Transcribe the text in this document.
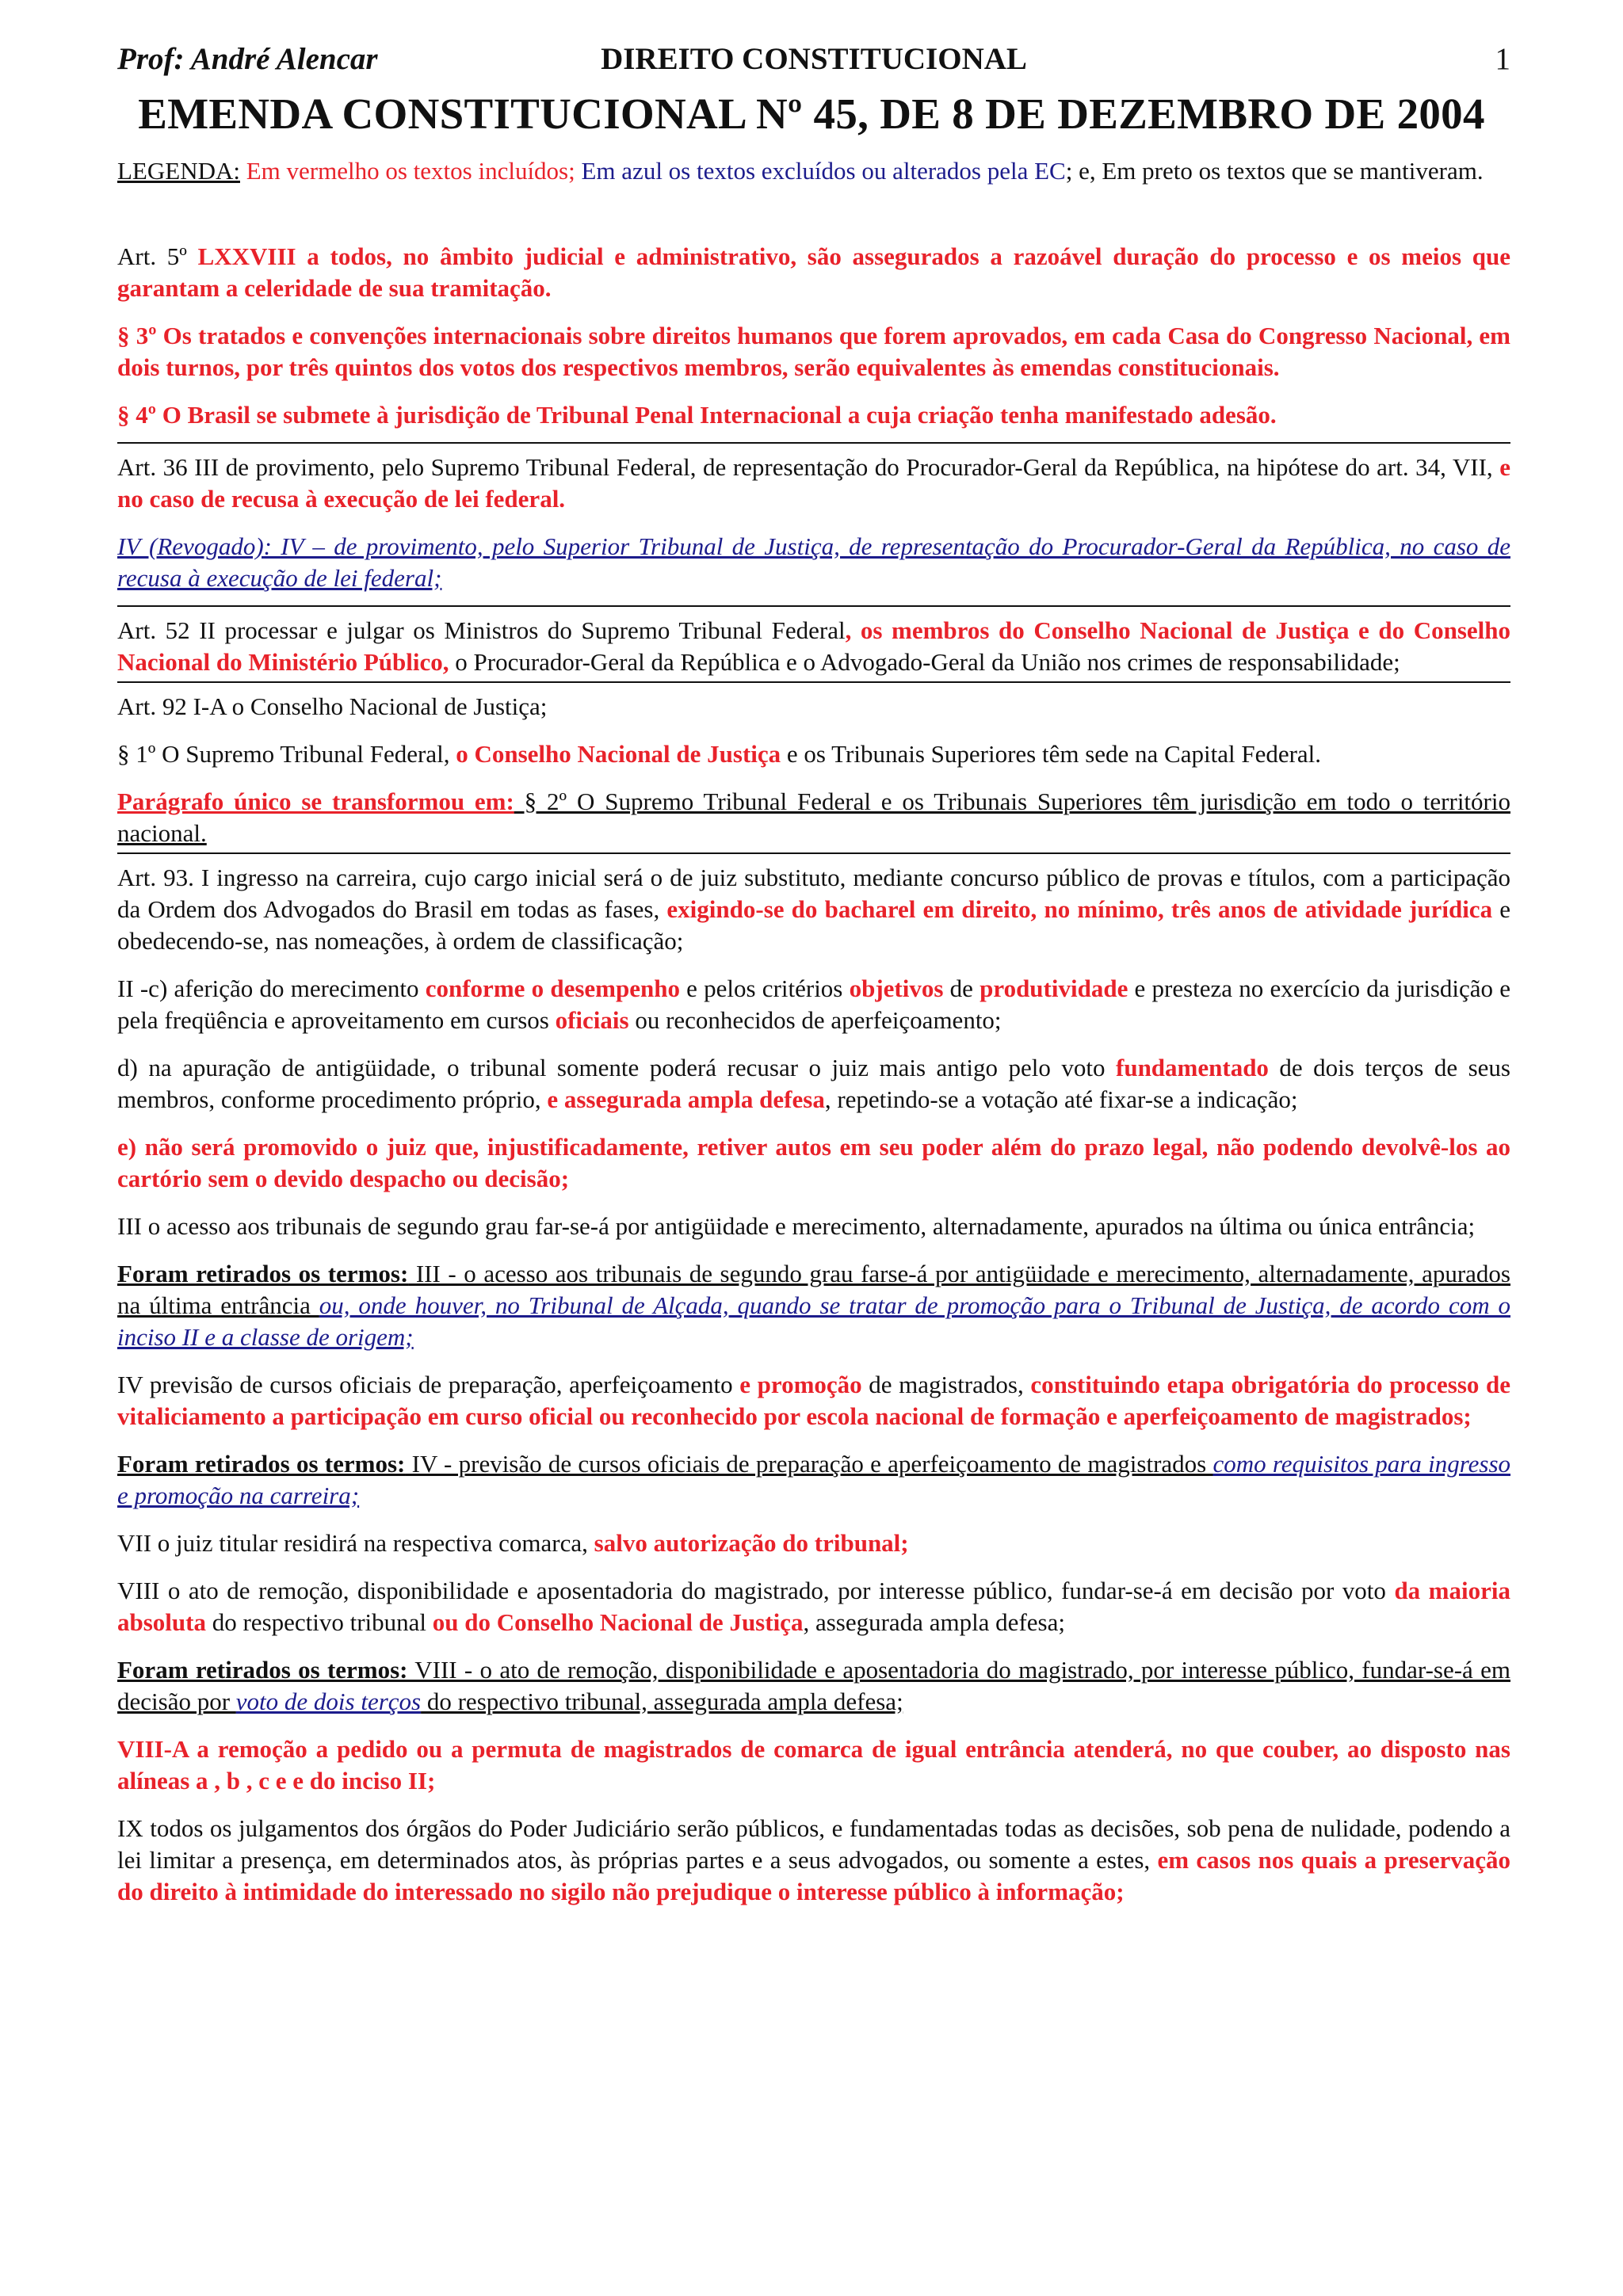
Prof: André Alencar	DIREITO CONSTITUCIONAL	1
EMENDA CONSTITUCIONAL Nº 45, DE 8 DE DEZEMBRO DE 2004

LEGENDA: Em vermelho os textos incluídos; Em azul os textos excluídos ou alterados pela EC; e, Em preto os textos que se mantiveram.

Art. 5º LXXVIII a todos, no âmbito judicial e administrativo, são assegurados a razoável duração do processo e os meios que garantam a celeridade de sua tramitação.

§ 3º Os tratados e convenções internacionais sobre direitos humanos que forem aprovados, em cada Casa do Congresso Nacional, em dois turnos, por três quintos dos votos dos respectivos membros, serão equivalentes às emendas constitucionais.

§ 4º O Brasil se submete à jurisdição de Tribunal Penal Internacional a cuja criação tenha manifestado adesão.

Art. 36 III de provimento, pelo Supremo Tribunal Federal, de representação do Procurador-Geral da República, na hipótese do art. 34, VII, e no caso de recusa à execução de lei federal.

IV (Revogado): IV – de provimento, pelo Superior Tribunal de Justiça, de representação do Procurador-Geral da República, no caso de recusa à execução de lei federal;

Art. 52 II processar e julgar os Ministros do Supremo Tribunal Federal, os membros do Conselho Nacional de Justiça e do Conselho Nacional do Ministério Público, o Procurador-Geral da República e o Advogado-Geral da União nos crimes de responsabilidade;

Art. 92 I-A o Conselho Nacional de Justiça;

§ 1º O Supremo Tribunal Federal, o Conselho Nacional de Justiça e os Tribunais Superiores têm sede na Capital Federal.

Parágrafo único se transformou em: § 2º O Supremo Tribunal Federal e os Tribunais Superiores têm jurisdição em todo o território nacional.

Art. 93. I ingresso na carreira, cujo cargo inicial será o de juiz substituto, mediante concurso público de provas e títulos, com a participação da Ordem dos Advogados do Brasil em todas as fases, exigindo-se do bacharel em direito, no mínimo, três anos de atividade jurídica e obedecendo-se, nas nomeações, à ordem de classificação;

II -c) aferição do merecimento conforme o desempenho e pelos critérios objetivos de produtividade e presteza no exercício da jurisdição e pela freqüência e aproveitamento em cursos oficiais ou reconhecidos de aperfeiçoamento;

d) na apuração de antigüidade, o tribunal somente poderá recusar o juiz mais antigo pelo voto fundamentado de dois terços de seus membros, conforme procedimento próprio, e assegurada ampla defesa, repetindo-se a votação até fixar-se a indicação;

e) não será promovido o juiz que, injustificadamente, retiver autos em seu poder além do prazo legal, não podendo devolvê-los ao cartório sem o devido despacho ou decisão;

III o acesso aos tribunais de segundo grau far-se-á por antigüidade e merecimento, alternadamente, apurados na última ou única entrância;

Foram retirados os termos: III - o acesso aos tribunais de segundo grau farse-á por antigüidade e merecimento, alternadamente, apurados na última entrância ou, onde houver, no Tribunal de Alçada, quando se tratar de promoção para o Tribunal de Justiça, de acordo com o inciso II e a classe de origem;

IV previsão de cursos oficiais de preparação, aperfeiçoamento e promoção de magistrados, constituindo etapa obrigatória do processo de vitaliciamento a participação em curso oficial ou reconhecido por escola nacional de formação e aperfeiçoamento de magistrados;

Foram retirados os termos: IV - previsão de cursos oficiais de preparação e aperfeiçoamento de magistrados como requisitos para ingresso e promoção na carreira;

VII o juiz titular residirá na respectiva comarca, salvo autorização do tribunal;

VIII o ato de remoção, disponibilidade e aposentadoria do magistrado, por interesse público, fundar-se-á em decisão por voto da maioria absoluta do respectivo tribunal ou do Conselho Nacional de Justiça, assegurada ampla defesa;

Foram retirados os termos: VIII - o ato de remoção, disponibilidade e aposentadoria do magistrado, por interesse público, fundar-se-á em decisão por voto de dois terços do respectivo tribunal, assegurada ampla defesa;

VIII-A a remoção a pedido ou a permuta de magistrados de comarca de igual entrância atenderá, no que couber, ao disposto nas alíneas a , b , c e e do inciso II;

IX todos os julgamentos dos órgãos do Poder Judiciário serão públicos, e fundamentadas todas as decisões, sob pena de nulidade, podendo a lei limitar a presença, em determinados atos, às próprias partes e a seus advogados, ou somente a estes, em casos nos quais a preservação do direito à intimidade do interessado no sigilo não prejudique o interesse público à informação;
